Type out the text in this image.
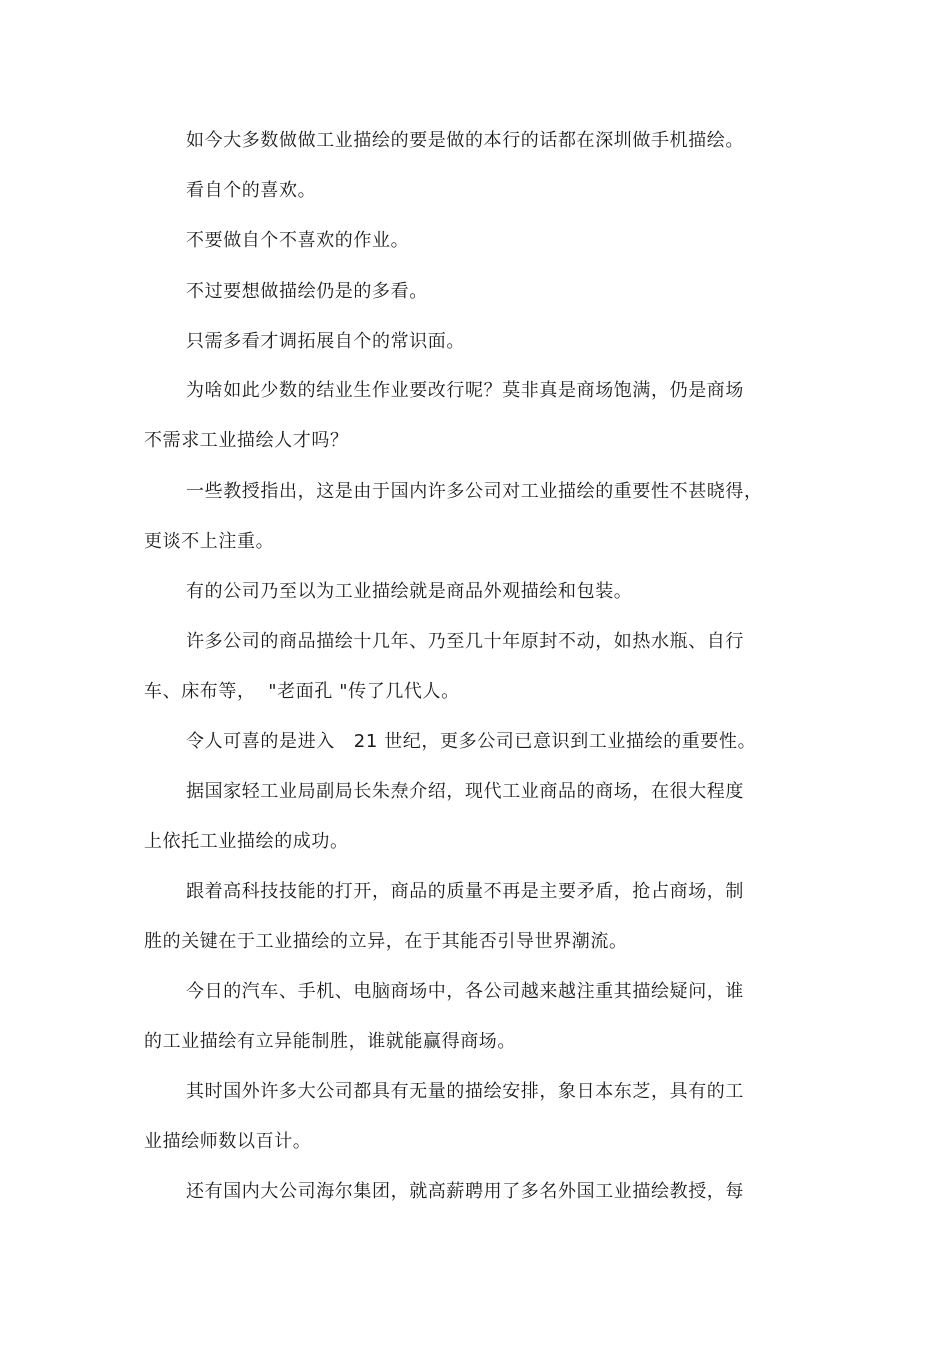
如今大多数做做工业描绘的要是做的本行的话都在深圳做手机描绘。
看自个的喜欢。
不要做自个不喜欢的作业。
不过要想做描绘仍是的多看。
只需多看才调拓展自个的常识面。
为啥如此少数的结业生作业要改行呢？莫非真是商场饱满，仍是商场
不需求工业描绘人才吗？
一些教授指出，这是由于国内许多公司对工业描绘的重要性不甚晓得，
更谈不上注重。
有的公司乃至以为工业描绘就是商品外观描绘和包装。
许多公司的商品描绘十几年、乃至几十年原封不动，如热水瓶、自行
车、床布等，  "老面孔 "传了几代人。
令人可喜的是进入   21 世纪，更多公司已意识到工业描绘的重要性。
据国家轻工业局副局长朱焘介绍，现代工业商品的商场，在很大程度
上依托工业描绘的成功。
跟着高科技技能的打开，商品的质量不再是主要矛盾，抢占商场，制
胜的关键在于工业描绘的立异，在于其能否引导世界潮流。
今日的汽车、手机、电脑商场中，各公司越来越注重其描绘疑问，谁
的工业描绘有立异能制胜，谁就能赢得商场。
其时国外许多大公司都具有无量的描绘安排，象日本东芝，具有的工
业描绘师数以百计。
还有国内大公司海尔集团，就高薪聘用了多名外国工业描绘教授，每
